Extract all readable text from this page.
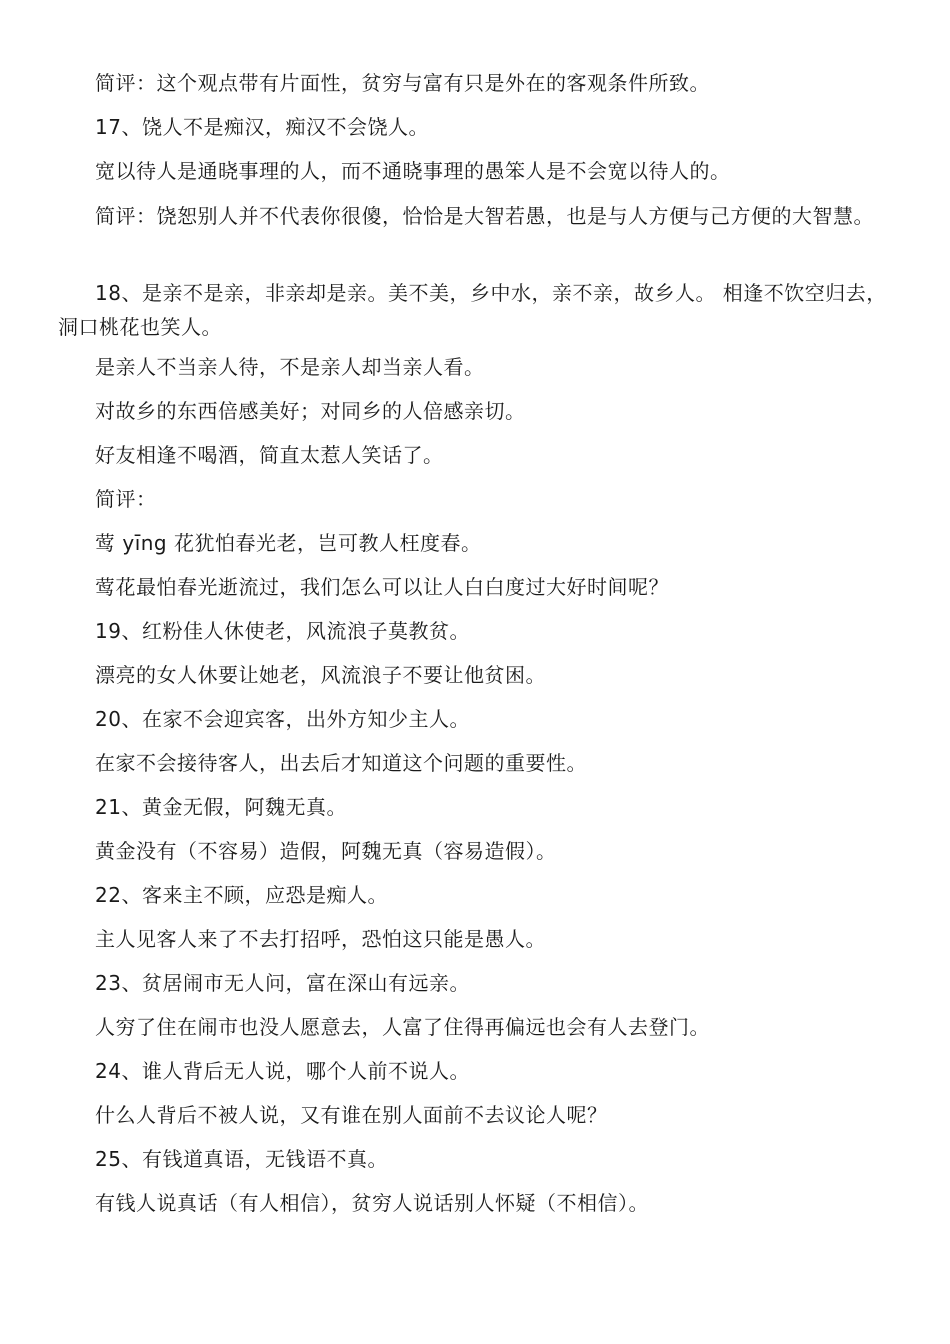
简评：这个观点带有片面性，贫穷与富有只是外在的客观条件所致。
17、饶人不是痴汉，痴汉不会饶人。
宽以待人是通晓事理的人，而不通晓事理的愚笨人是不会宽以待人的。
简评：饶恕别人并不代表你很傻，恰恰是大智若愚，也是与人方便与己方便的大智慧。
18、是亲不是亲，非亲却是亲。美不美，乡中水，亲不亲，故乡人。 相逢不饮空归去，洞口桃花也笑人。
是亲人不当亲人待，不是亲人却当亲人看。
对故乡的东西倍感美好；对同乡的人倍感亲切。
好友相逢不喝酒，简直太惹人笑话了。
简评：
莺 yīng 花犹怕春光老，岂可教人枉度春。
莺花最怕春光逝流过，我们怎么可以让人白白度过大好时间呢？
19、红粉佳人休使老，风流浪子莫教贫。
漂亮的女人休要让她老，风流浪子不要让他贫困。
20、在家不会迎宾客，出外方知少主人。
在家不会接待客人，出去后才知道这个问题的重要性。
21、黄金无假，阿魏无真。
黄金没有（不容易）造假，阿魏无真（容易造假）。
22、客来主不顾，应恐是痴人。
主人见客人来了不去打招呼，恐怕这只能是愚人。
23、贫居闹市无人问，富在深山有远亲。
人穷了住在闹市也没人愿意去，人富了住得再偏远也会有人去登门。
24、谁人背后无人说，哪个人前不说人。
什么人背后不被人说，又有谁在别人面前不去议论人呢？
25、有钱道真语，无钱语不真。
有钱人说真话（有人相信），贫穷人说话别人怀疑（不相信）。
